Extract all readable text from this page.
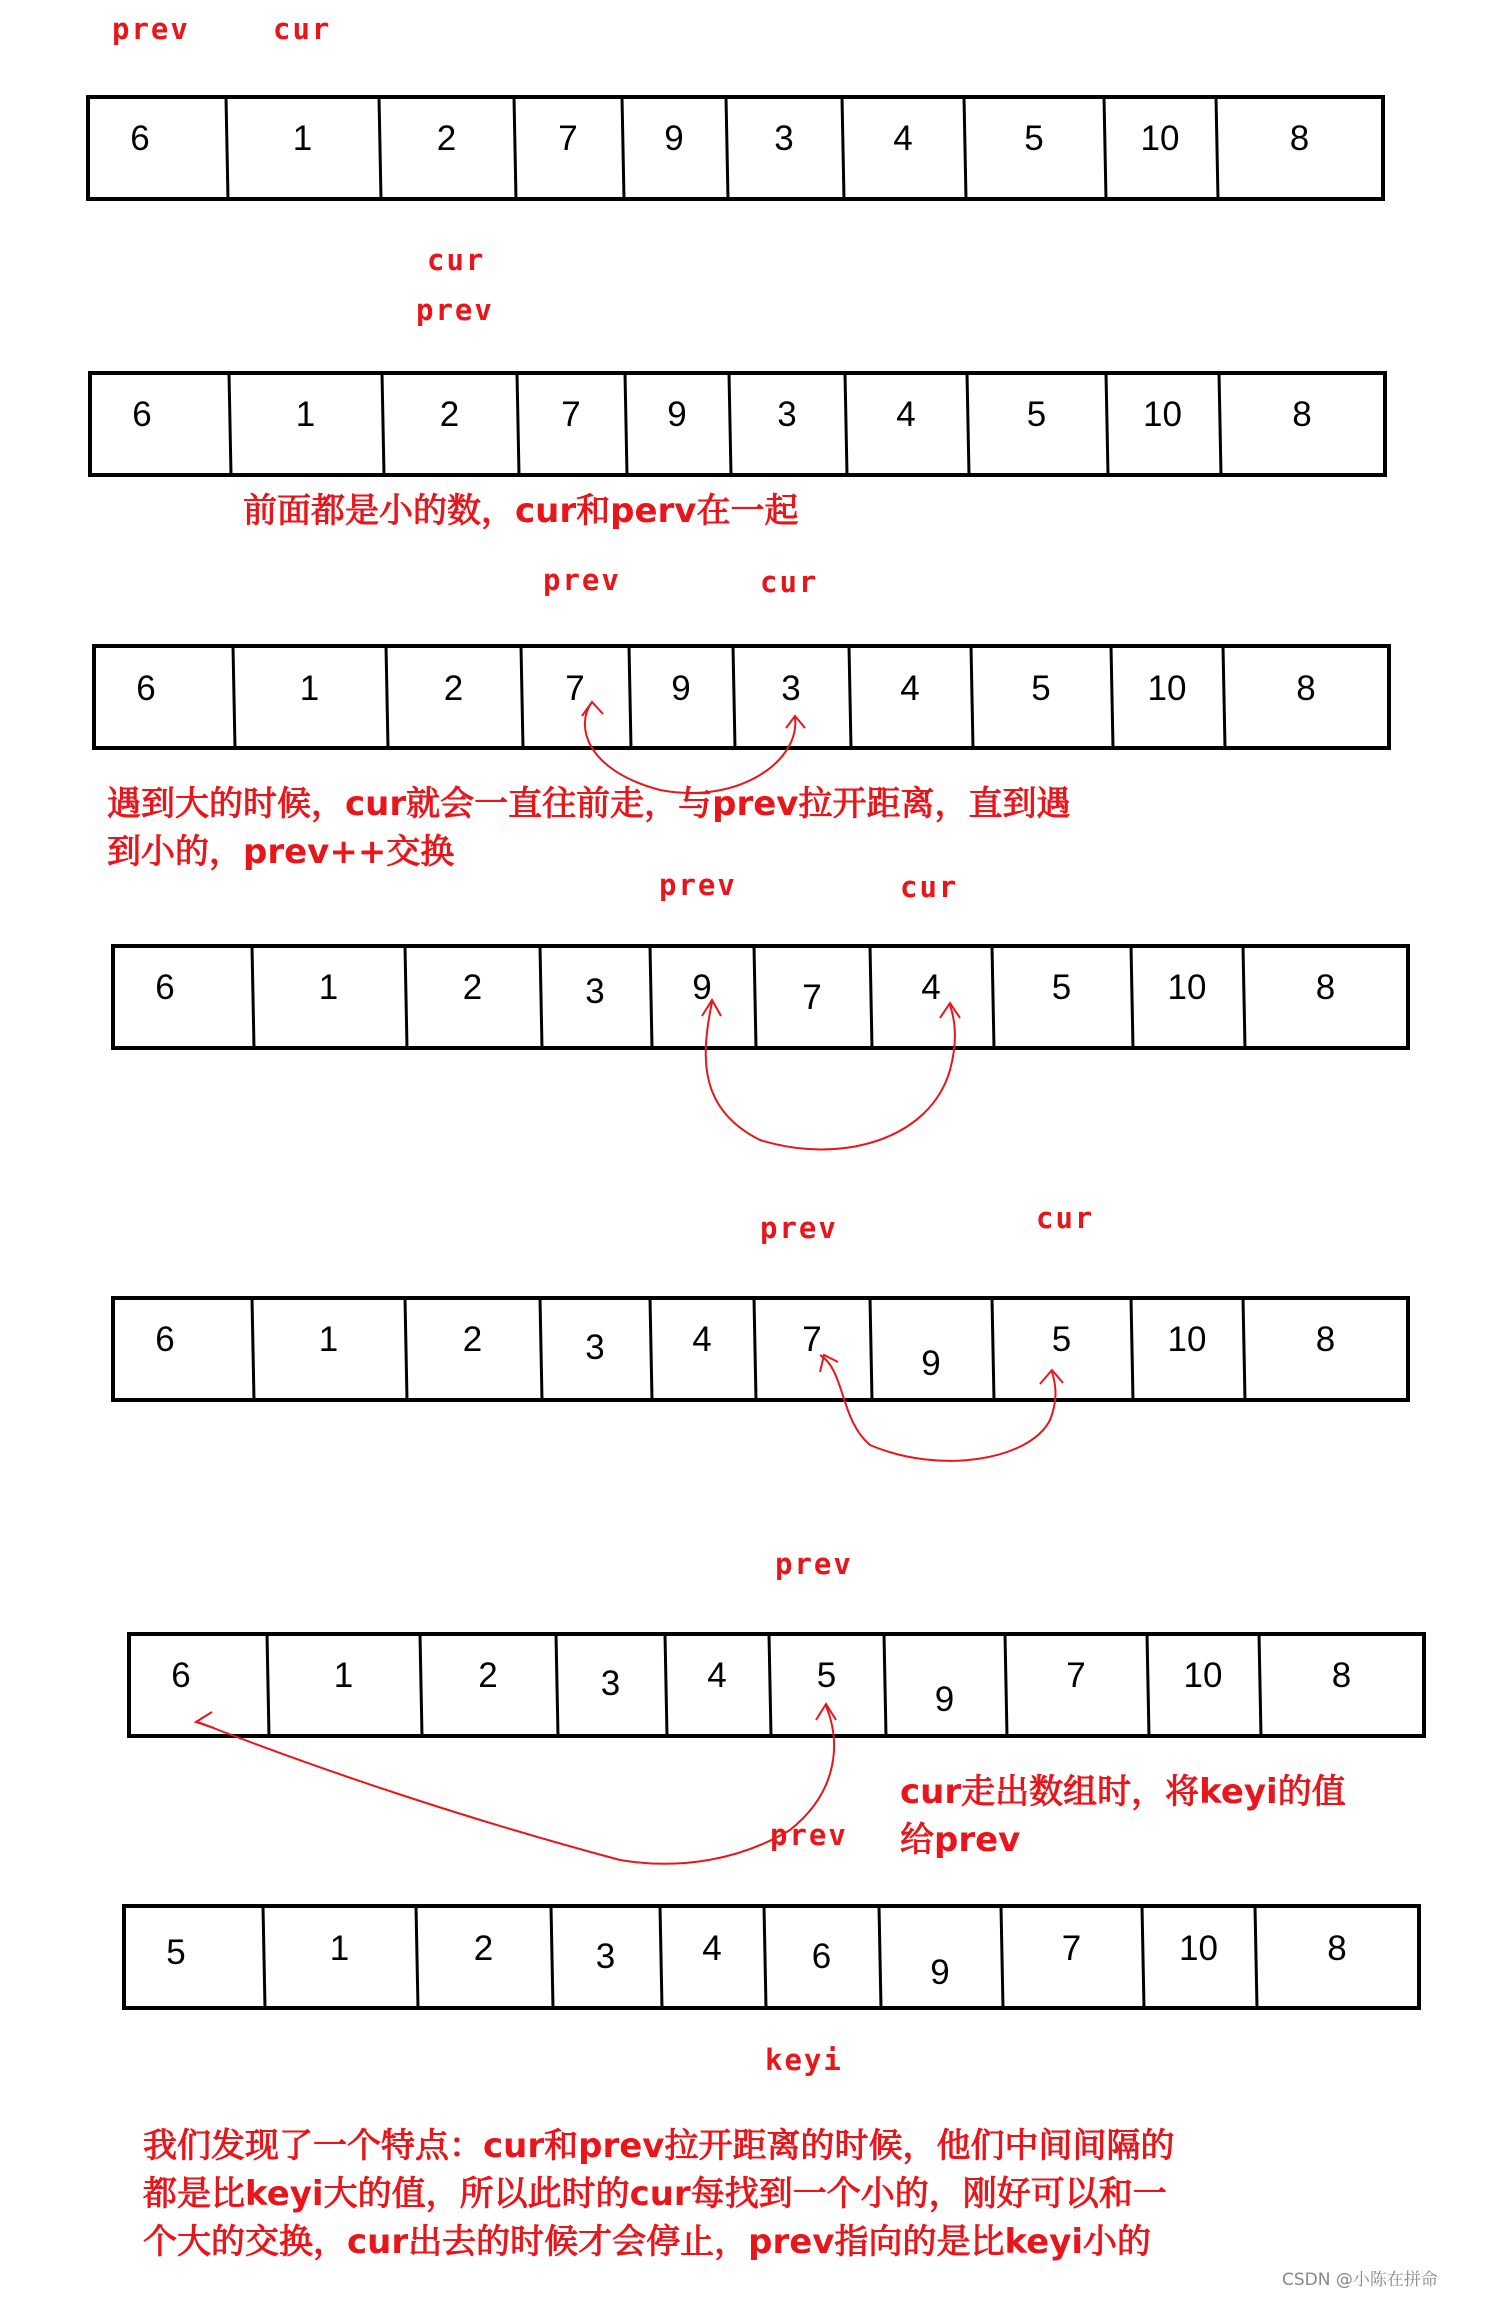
prev	cur
cur
prev
前面都是小的数，cur和perv在一起
prev	cur
遇到大的时候，cur就会一直往前走，与prev拉开距离，直到遇
到小的，prev++交换
prev	cur
prev	cur
prev
cur走出数组时，将keyi的值
给prev
prev
keyi
我们发现了一个特点：cur和prev拉开距离的时候，他们中间间隔的
都是比keyi大的值，所以此时的cur每找到一个小的，刚好可以和一
个大的交换，cur出去的时候才会停止，prev指向的是比keyi小的
6	1	2	7 9	3	4	5	10	8
6	1	2	7 9	3	4	5	10	8
6	1	2	7 9	3	4	5	10	8
6	1	2	3	9	7	4	5	10	8
6	1	2	3	4	7
9
5	10	8
6	1	2	3 4	5
9
7	10	8
5	1	2	3 4	6	9
7	10	8
CSDN @小陈在拼命
